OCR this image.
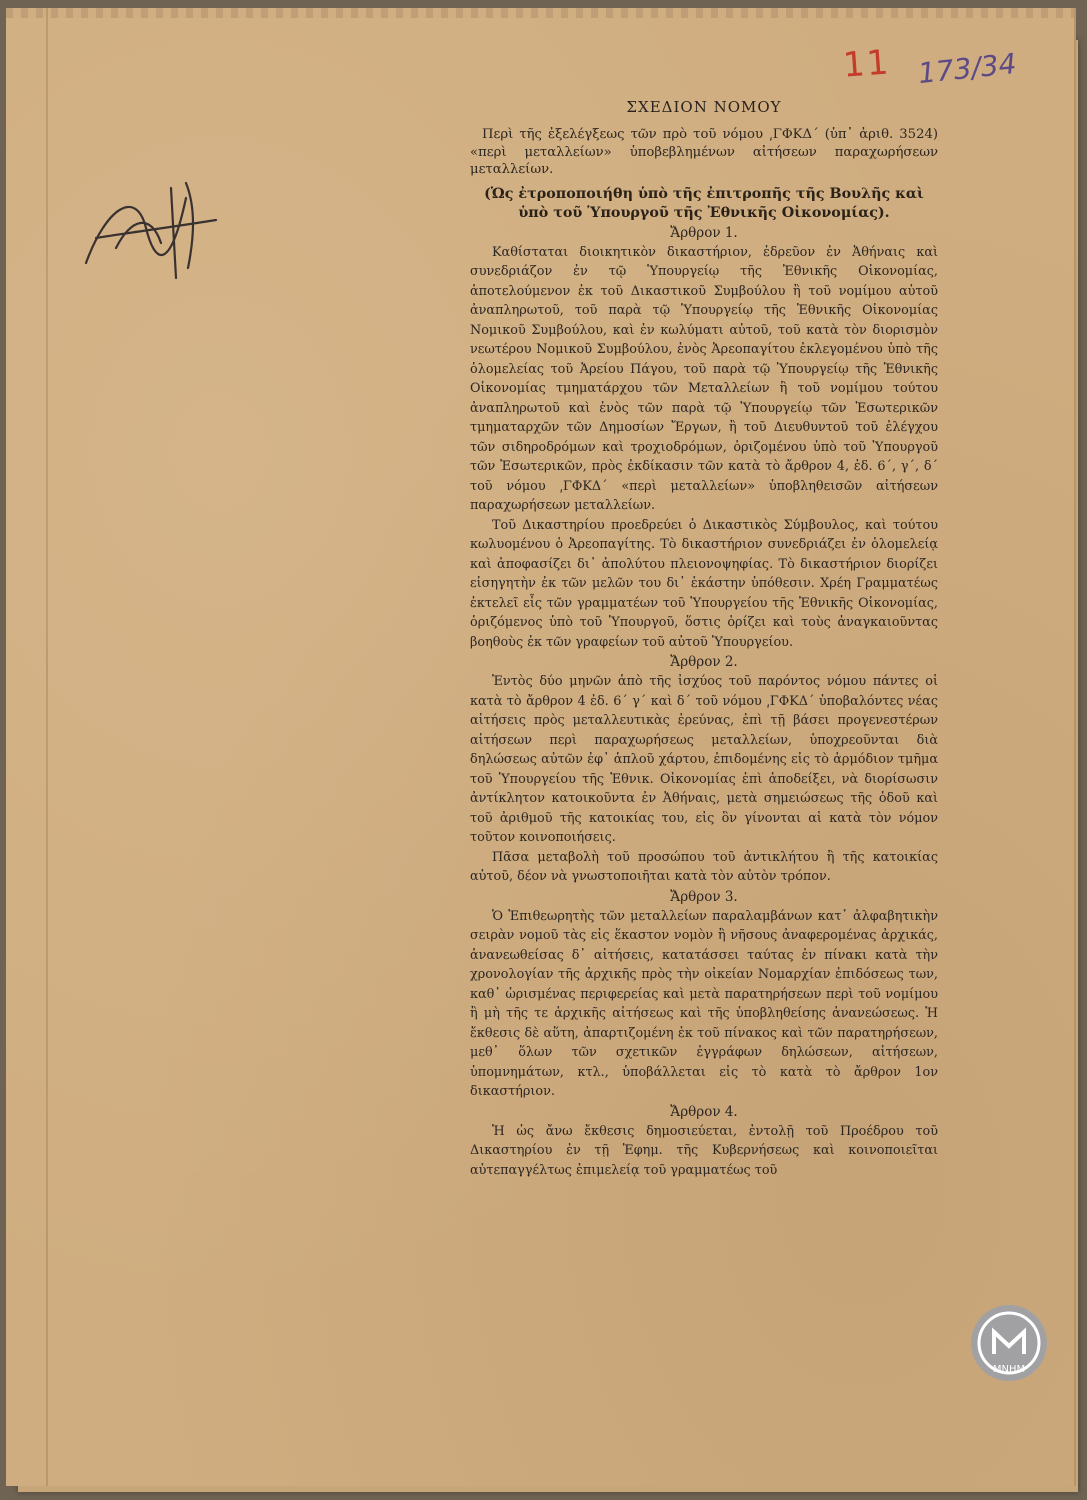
11 173/34
ΣΧΕΔΙΟΝ ΝΟΜΟΥ

Περὶ τῆς ἐξελέγξεως τῶν πρὸ τοῦ νόμου ͵ΓΦΚΔ΄ (ὑπ᾿ ἀριθ. 3524) «περὶ μεταλλείων» ὑποβεβλημένων αἰτήσεων παραχωρήσεων μεταλλείων.

(Ὡς ἐτροποποιήθη ὑπὸ τῆς ἐπιτροπῆς τῆς Βουλῆς καὶ ὑπὸ τοῦ Ὑπουργοῦ τῆς Ἐθνικῆς Οἰκονομίας).

Ἄρθρον 1.

Καθίσταται διοικητικὸν δικαστήριον, ἑδρεῦον ἐν Ἀθήναις καὶ συνεδριάζον ἐν τῷ Ὑπουργείῳ τῆς Ἐθνικῆς Οἰκονομίας, ἀποτελούμενον ἐκ τοῦ Δικαστικοῦ Συμβούλου ἢ τοῦ νομίμου αὐτοῦ ἀναπληρωτοῦ, τοῦ παρὰ τῷ Ὑπουργείῳ τῆς Ἐθνικῆς Οἰκονομίας Νομικοῦ Συμβούλου, καὶ ἐν κωλύματι αὐτοῦ, τοῦ κατὰ τὸν διορισμὸν νεωτέρου Νομικοῦ Συμβούλου, ἑνὸς Ἀρεοπαγίτου ἐκλεγομένου ὑπὸ τῆς ὁλομελείας τοῦ Ἀρείου Πάγου, τοῦ παρὰ τῷ Ὑπουργείῳ τῆς Ἐθνικῆς Οἰκονομίας τμηματάρχου τῶν Μεταλλείων ἢ τοῦ νομίμου τούτου ἀναπληρωτοῦ καὶ ἑνὸς τῶν παρὰ τῷ Ὑπουργείῳ τῶν Ἐσωτερικῶν τμηματαρχῶν τῶν Δημοσίων Ἔργων, ἢ τοῦ Διευθυντοῦ τοῦ ἐλέγχου τῶν σιδηροδρόμων καὶ τροχιοδρόμων, ὁριζομένου ὑπὸ τοῦ Ὑπουργοῦ τῶν Ἐσωτερικῶν, πρὸς ἐκδίκασιν τῶν κατὰ τὸ ἄρθρον 4, ἐδ. 6΄, γ΄, δ΄ τοῦ νόμου ͵ΓΦΚΔ΄ «περὶ μεταλλείων» ὑποβληθεισῶν αἰτήσεων παραχωρήσεων μεταλλείων.

Τοῦ Δικαστηρίου προεδρεύει ὁ Δικαστικὸς Σύμβουλος, καὶ τούτου κωλυομένου ὁ Ἀρεοπαγίτης. Τὸ δικαστήριον συνεδριάζει ἐν ὁλομελείᾳ καὶ ἀποφασίζει δι᾿ ἀπολύτου πλειονοψηφίας. Τὸ δικαστήριον διορίζει εἰσηγητὴν ἐκ τῶν μελῶν του δι᾿ ἑκάστην ὑπόθεσιν. Χρέη Γραμματέως ἐκτελεῖ εἷς τῶν γραμματέων τοῦ Ὑπουργείου τῆς Ἐθνικῆς Οἰκονομίας, ὁριζόμενος ὑπὸ τοῦ Ὑπουργοῦ, ὅστις ὁρίζει καὶ τοὺς ἀναγκαιοῦντας βοηθοὺς ἐκ τῶν γραφείων τοῦ αὐτοῦ Ὑπουργείου.

Ἄρθρον 2.

Ἐντὸς δύο μηνῶν ἀπὸ τῆς ἰσχύος τοῦ παρόντος νόμου πάντες οἱ κατὰ τὸ ἄρθρον 4 ἐδ. 6΄ γ΄ καὶ δ΄ τοῦ νόμου ͵ΓΦΚΔ΄ ὑποβαλόντες νέας αἰτήσεις πρὸς μεταλλευτικὰς ἐρεύνας, ἐπὶ τῇ βάσει προγενεστέρων αἰτήσεων περὶ παραχωρήσεως μεταλλείων, ὑποχρεοῦνται διὰ δηλώσεως αὐτῶν ἐφ᾿ ἁπλοῦ χάρτου, ἐπιδομένης εἰς τὸ ἁρμόδιον τμῆμα τοῦ Ὑπουργείου τῆς Ἐθνικ. Οἰκονομίας ἐπὶ ἀποδείξει, νὰ διορίσωσιν ἀντίκλητον κατοικοῦντα ἐν Ἀθήναις, μετὰ σημειώσεως τῆς ὁδοῦ καὶ τοῦ ἀριθμοῦ τῆς κατοικίας του, εἰς ὃν γίνονται αἱ κατὰ τὸν νόμον τοῦτον κοινοποιήσεις.

Πᾶσα μεταβολὴ τοῦ προσώπου τοῦ ἀντικλήτου ἢ τῆς κατοικίας αὐτοῦ, δέον νὰ γνωστοποιῆται κατὰ τὸν αὐτὸν τρόπον.

Ἄρθρον 3.

Ὁ Ἐπιθεωρητὴς τῶν μεταλλείων παραλαμβάνων κατ᾿ ἀλφαβητικὴν σειρὰν νομοῦ τὰς εἰς ἕκαστον νομὸν ἢ νῆσους ἀναφερομένας ἀρχικάς, ἀνανεωθείσας δ᾿ αἰτήσεις, κατατάσσει ταύτας ἐν πίνακι κατὰ τὴν χρονολογίαν τῆς ἀρχικῆς πρὸς τὴν οἰκείαν Νομαρχίαν ἐπιδόσεως των, καθ᾿ ὡρισμένας περιφερείας καὶ μετὰ παρατηρήσεων περὶ τοῦ νομίμου ἢ μὴ τῆς τε ἀρχικῆς αἰτήσεως καὶ τῆς ὑποβληθείσης ἀνανεώσεως. Ἡ ἔκθεσις δὲ αὕτη, ἀπαρτιζομένη ἐκ τοῦ πίνακος καὶ τῶν παρατηρήσεων, μεθ᾿ ὅλων τῶν σχετικῶν ἐγγράφων δηλώσεων, αἰτήσεων, ὑπομνημάτων, κτλ., ὑποβάλλεται εἰς τὸ κατὰ τὸ ἄρθρον 1ον δικαστήριον.

Ἄρθρον 4.

Ἡ ὡς ἄνω ἔκθεσις δημοσιεύεται, ἐντολῇ τοῦ Προέδρου τοῦ Δικαστηρίου ἐν τῇ Ἐφημ. τῆς Κυβερνήσεως καὶ κοινοποιεῖται αὐτεπαγγέλτως ἐπιμελείᾳ τοῦ γραμματέως τοῦ

ΜΝΗΜ
